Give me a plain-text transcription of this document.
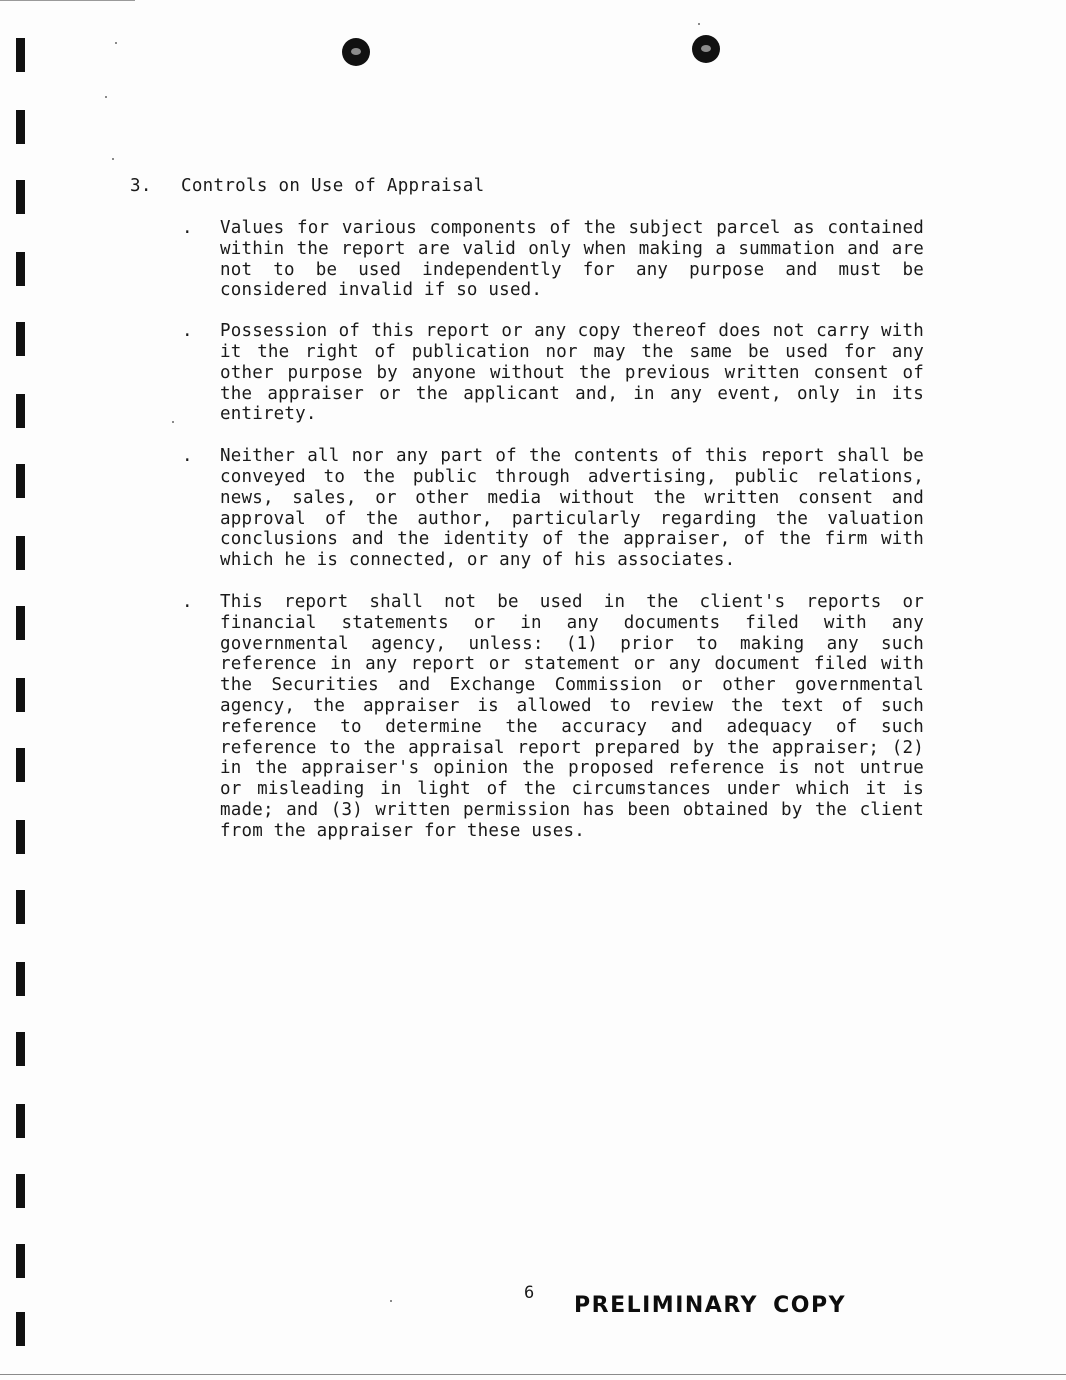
3. Controls on Use of Appraisal
. Values for various components of the subject parcel as contained within the report are valid only when making a summation and are not to be used independently for any purpose and must be considered invalid if so used.
. Possession of this report or any copy thereof does not carry with it the right of publication nor may the same be used for any other purpose by anyone without the previous written consent of the appraiser or the applicant and, in any event, only in its entirety.
. Neither all nor any part of the contents of this report shall be conveyed to the public through advertising, public relations, news, sales, or other media without the written consent and approval of the author, particularly regarding the valuation conclusions and the identity of the appraiser, of the firm with which he is connected, or any of his associates.
. This report shall not be used in the client's reports or financial statements or in any documents filed with any governmental agency, unless: (1) prior to making any such reference in any report or statement or any document filed with the Securities and Exchange Commission or other governmental agency, the appraiser is allowed to review the text of such reference to determine the accuracy and adequacy of such reference to the appraisal report prepared by the appraiser; (2) in the appraiser's opinion the proposed reference is not untrue or misleading in light of the circumstances under which it is made; and (3) written permission has been obtained by the client from the appraiser for these uses.
6 PRELIMINARY COPY
